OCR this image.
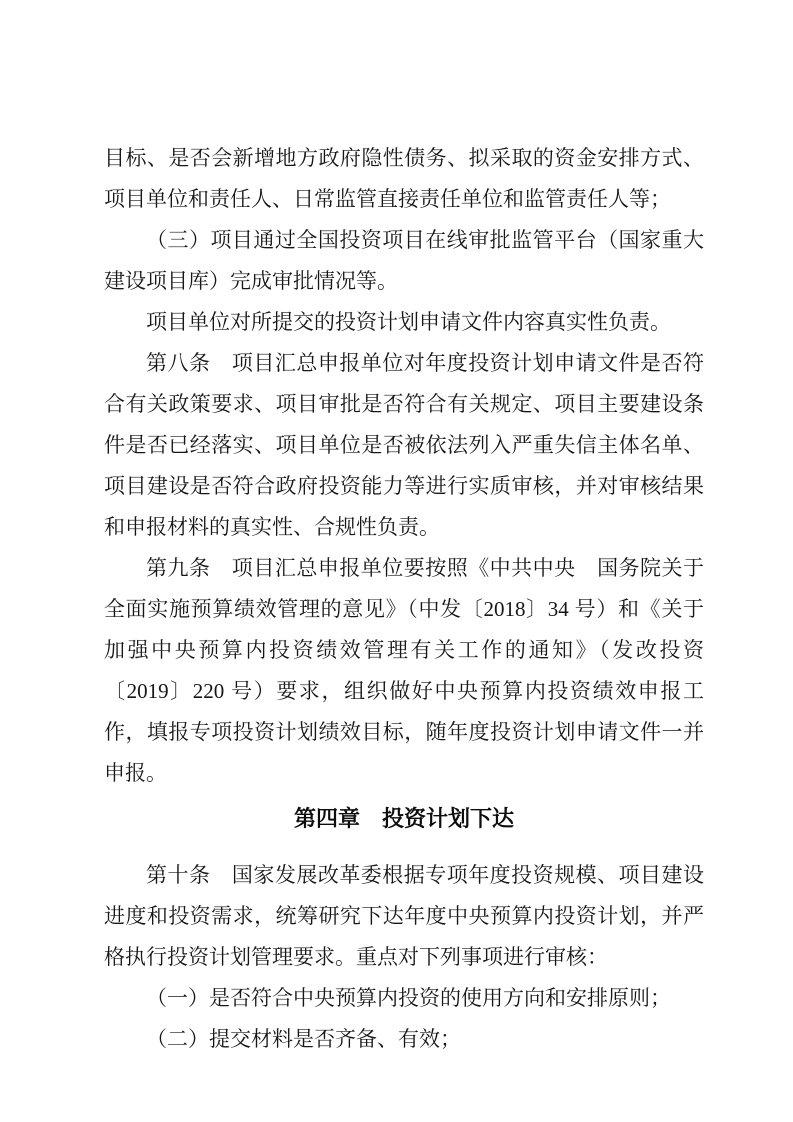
目标、是否会新增地方政府隐性债务、拟采取的资金安排方式、项目单位和责任人、日常监管直接责任单位和监管责任人等；

（三）项目通过全国投资项目在线审批监管平台（国家重大建设项目库）完成审批情况等。

项目单位对所提交的投资计划申请文件内容真实性负责。

第八条　项目汇总申报单位对年度投资计划申请文件是否符合有关政策要求、项目审批是否符合有关规定、项目主要建设条件是否已经落实、项目单位是否被依法列入严重失信主体名单、项目建设是否符合政府投资能力等进行实质审核，并对审核结果和申报材料的真实性、合规性负责。

第九条　项目汇总申报单位要按照《中共中央　国务院关于全面实施预算绩效管理的意见》（中发〔2018〕34 号）和《关于加强中央预算内投资绩效管理有关工作的通知》（发改投资〔2019〕220 号）要求，组织做好中央预算内投资绩效申报工作，填报专项投资计划绩效目标，随年度投资计划申请文件一并申报。

第四章　投资计划下达

第十条　国家发展改革委根据专项年度投资规模、项目建设进度和投资需求，统筹研究下达年度中央预算内投资计划，并严格执行投资计划管理要求。重点对下列事项进行审核：

（一）是否符合中央预算内投资的使用方向和安排原则；

（二）提交材料是否齐备、有效；
